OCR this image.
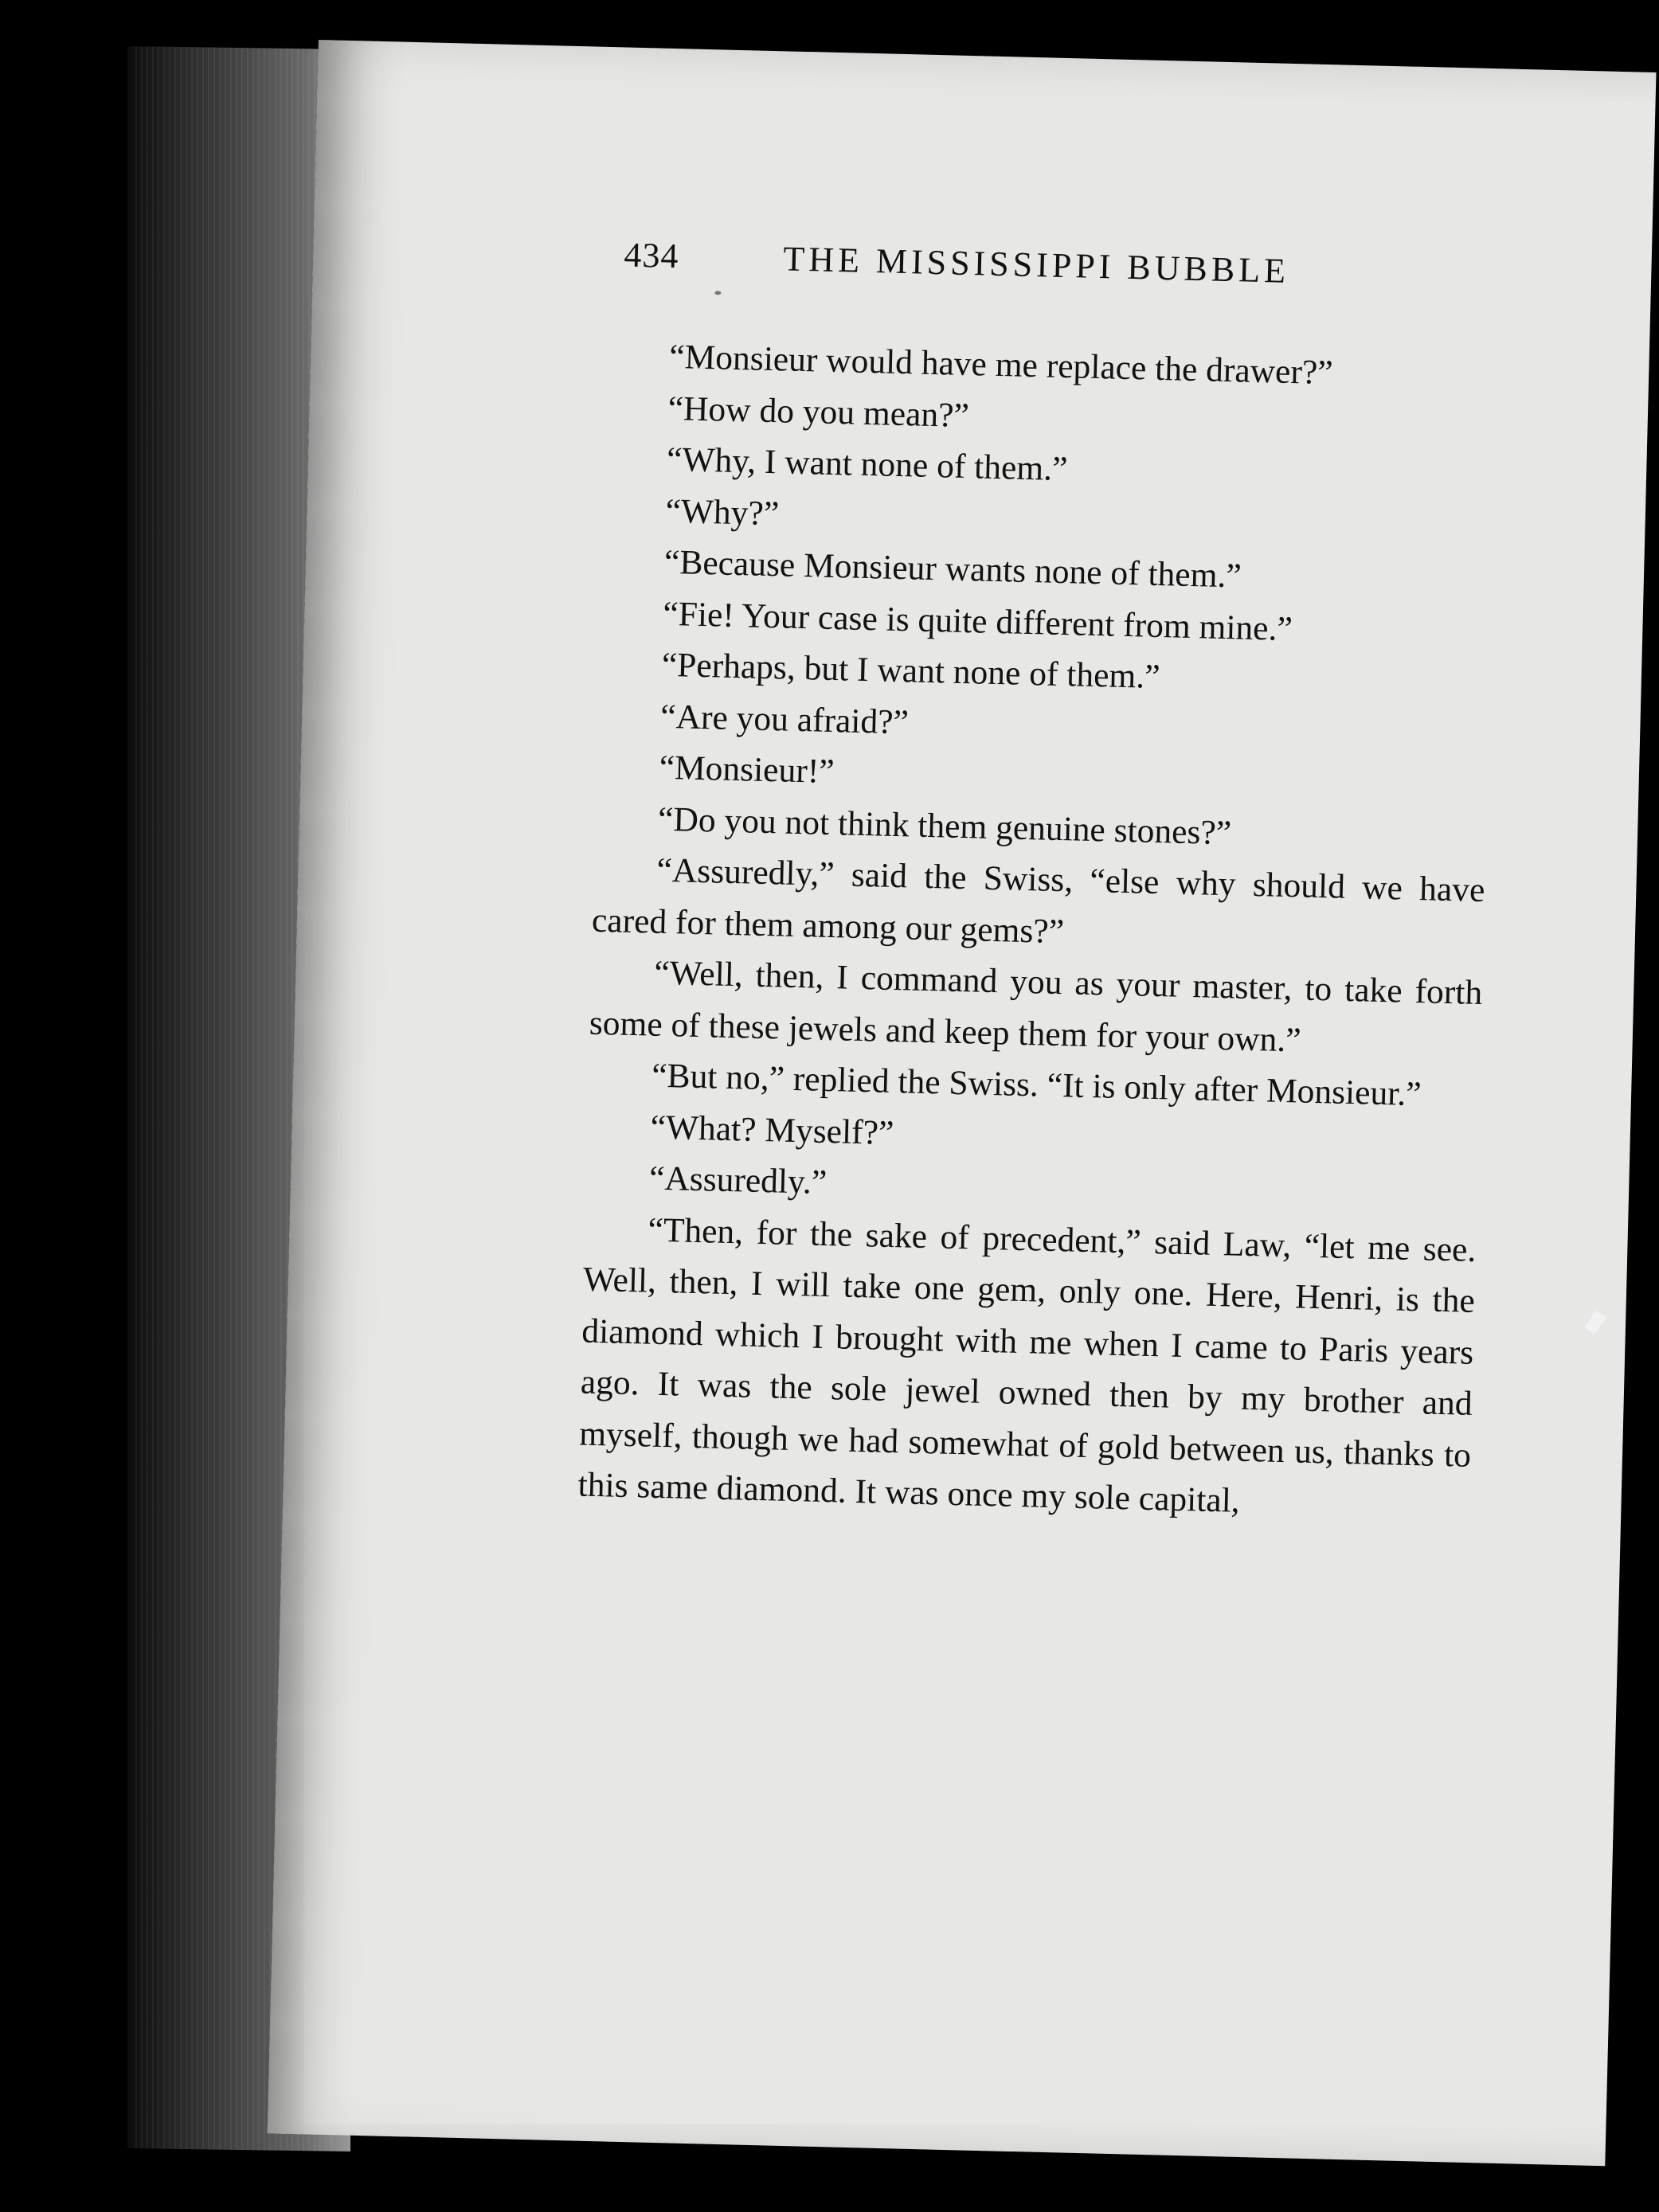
434	THE MISSISSIPPI BUBBLE

“Monsieur would have me replace the drawer?”

“How do you mean?”

“Why, I want none of them.”

“Why?”

“Because Monsieur wants none of them.”

“Fie! Your case is quite different from mine.”

“Perhaps, but I want none of them.”

“Are you afraid?”

“Monsieur!”

“Do you not think them genuine stones?”

“Assuredly,” said the Swiss, “else why should we have cared for them among our gems?”

“Well, then, I command you as your master, to take forth some of these jewels and keep them for your own.”

“But no,” replied the Swiss. “It is only after Monsieur.”

“What? Myself?”

“Assuredly.”

“Then, for the sake of precedent,” said Law, “let me see. Well, then, I will take one gem, only one. Here, Henri, is the diamond which I brought with me when I came to Paris years ago. It was the sole jewel owned then by my brother and myself, though we had somewhat of gold between us, thanks to this same diamond. It was once my sole capital,
